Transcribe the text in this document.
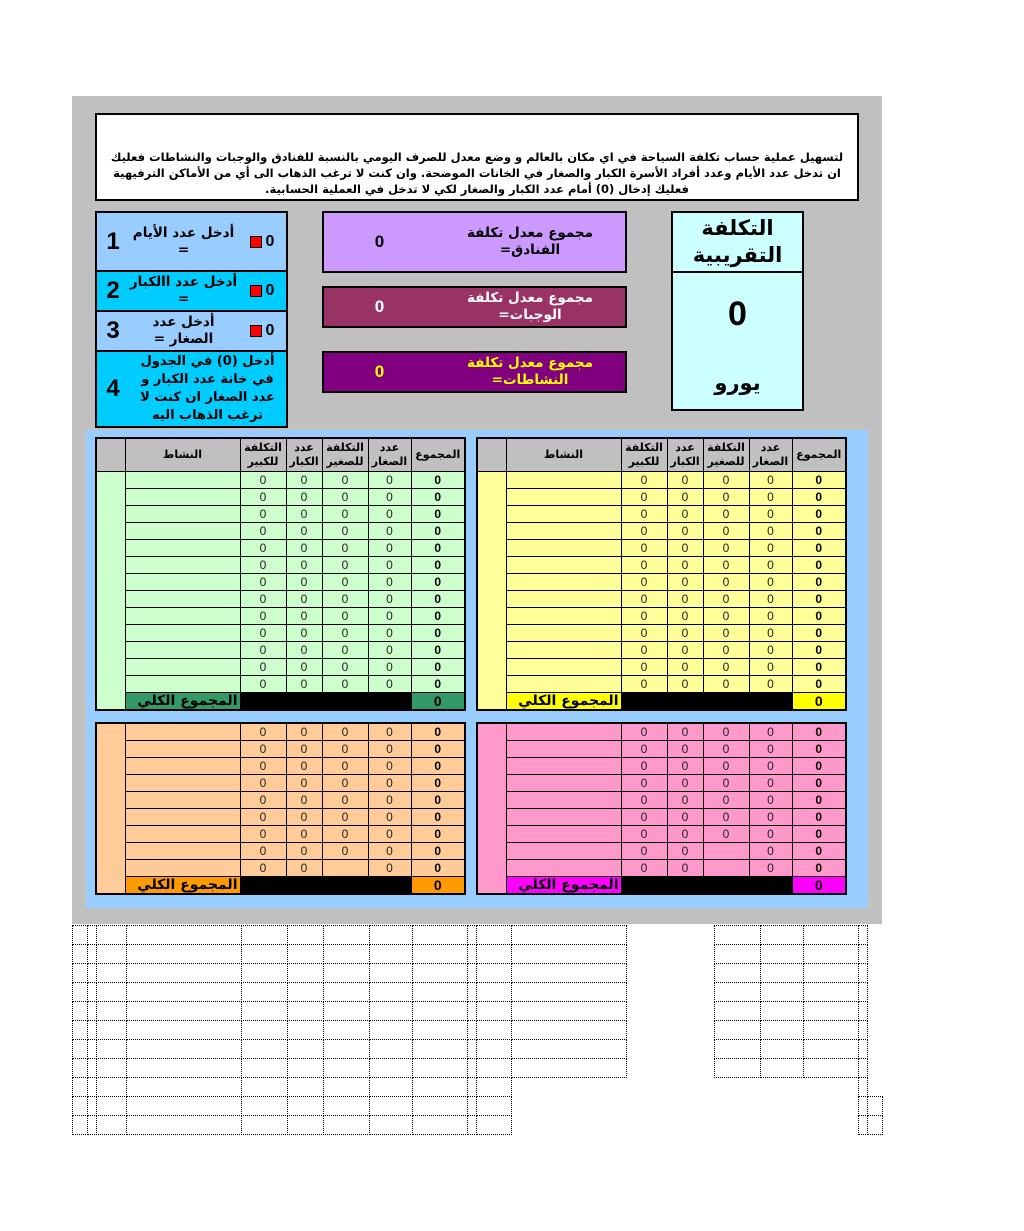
لتسهيل عملية حساب تكلفة السياحة في اي مكان بالعالم و وضع معدل للصرف اليومي بالنسبة للفنادق والوجبات والنشاطات فعليك ان تدخل عدد الأيام وعدد أفراد الأسرة الكبار والصغار في الخانات الموضحة. وان كنت لا ترغب الذهاب الى أي من الأماكن الترفيهية فعليك إدخال (0) أمام عدد الكبار والصغار لكي لا تدخل في العملية الحسابية.
1 أدخل عدد الأيام =	0
2 أدخل عدد االكبار =	0
3	أدخل عدد الصغار =	0
4
أدخل (0) في الجدول في خانة عدد الكبار و عدد الصغار ان كنت لا ترغب الذهاب اليه
مجموع معدل تكلفة الفنادق=
0
مجموع معدل تكلفة الوجبات=
0
مجموع معدل تكلفة النشاطات=
0
التكلفة التقريبية
0
يورو
	النشاط	التكلفة للكبير	عدد الكبار	التكلفة للصغير	عدد الصغار	المجموع
		0	0	0	0	0
		0	0	0	0	0
		0	0	0	0	0
		0	0	0	0	0
		0	0	0	0	0
		0	0	0	0	0
		0	0	0	0	0
		0	0	0	0	0
		0	0	0	0	0
		0	0	0	0	0
		0	0	0	0	0
		0	0	0	0	0
		0	0	0	0	0
	المجموع الكلي					0
	النشاط	التكلفة للكبير	عدد الكبار	التكلفة للصغير	عدد الصغار	المجموع
		0	0	0	0	0
		0	0	0	0	0
		0	0	0	0	0
		0	0	0	0	0
		0	0	0	0	0
		0	0	0	0	0
		0	0	0	0	0
		0	0	0	0	0
		0	0	0	0	0
		0	0	0	0	0
		0	0	0	0	0
		0	0	0	0	0
		0	0	0	0	0
	المجموع الكلي					0
		0	0	0	0	0
		0	0	0	0	0
		0	0	0	0	0
		0	0	0	0	0
		0	0	0	0	0
		0	0	0	0	0
		0	0	0	0	0
		0	0	0	0	0
		0	0		0	0
	المجموع الكلي					0
		0	0	0	0	0
		0	0	0	0	0
		0	0	0	0	0
		0	0	0	0	0
		0	0	0	0	0
		0	0	0	0	0
		0	0	0	0	0
		0	0		0	0
		0	0		0	0
	المجموع الكلي					0
